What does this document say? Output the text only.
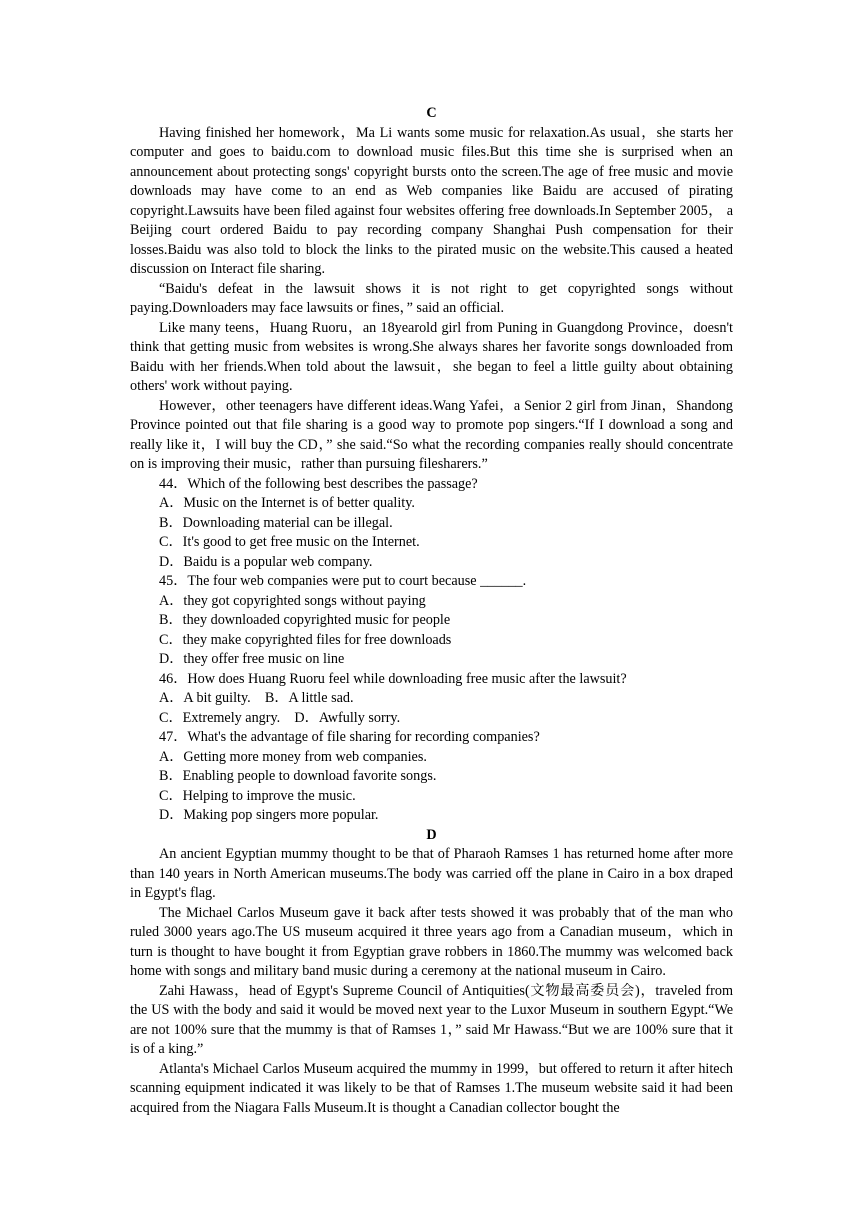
C

Having finished her homework，Ma Li wants some music for relaxation.As usual，she starts her computer and goes to baidu.com to download music files.But this time she is surprised when an announcement about protecting songs' copyright bursts onto the screen.The age of free music and movie downloads may have come to an end as Web companies like Baidu are accused of pirating copyright.Lawsuits have been filed against four websites offering free downloads.In September 2005， a Beijing court ordered Baidu to pay recording company Shanghai Push compensation for their losses.Baidu was also told to block the links to the pirated music on the website.This caused a heated discussion on Interact file sharing.

“Baidu's defeat in the lawsuit shows it is not right to get copyrighted songs without paying.Downloaders may face lawsuits or fines，” said an official.

Like many teens，Huang Ruoru，an 18yearold girl from Puning in Guangdong Province，doesn't think that getting music from websites is wrong.She always shares her favorite songs downloaded from Baidu with her friends.When told about the lawsuit，she began to feel a little guilty about obtaining others' work without paying.

However，other teenagers have different ideas.Wang Yafei，a Senior 2 girl from Jinan，Shandong Province pointed out that file sharing is a good way to promote pop singers.“If I download a song and really like it，I will buy the CD，” she said.“So what the recording companies really should concentrate on is improving their music，rather than pursuing filesharers.”

44．Which of the following best describes the passage?

A．Music on the Internet is of better quality.

B．Downloading material can be illegal.

C．It's good to get free music on the Internet.

D．Baidu is a popular web company.

45．The four web companies were put to court because ______.

A．they got copyrighted songs without paying

B．they downloaded copyrighted music for people

C．they make copyrighted files for free downloads

D．they offer free music on line

46．How does Huang Ruoru feel while downloading free music after the lawsuit?

A．A bit guilty.　B．A little sad.

C．Extremely angry.　D．Awfully sorry.

47．What's the advantage of file sharing for recording companies?

A．Getting more money from web companies.

B．Enabling people to download favorite songs.

C．Helping to improve the music.

D．Making pop singers more popular.

D

An ancient Egyptian mummy thought to be that of Pharaoh Ramses 1 has returned home after more than 140 years in North American museums.The body was carried off the plane in Cairo in a box draped in Egypt's flag.

The Michael Carlos Museum gave it back after tests showed it was probably that of the man who ruled 3000 years ago.The US museum acquired it three years ago from a Canadian museum，which in turn is thought to have bought it from Egyptian grave robbers in 1860.The mummy was welcomed back home with songs and military band music during a ceremony at the national museum in Cairo.

Zahi Hawass，head of Egypt's Supreme Council of Antiquities(文物最高委员会)，traveled from the US with the body and said it would be moved next year to the Luxor Museum in southern Egypt.“We are not 100% sure that the mummy is that of Ramses 1，” said Mr Hawass.“But we are 100% sure that it is of a king.”

Atlanta's Michael Carlos Museum acquired the mummy in 1999，but offered to return it after hitech scanning equipment indicated it was likely to be that of Ramses 1.The museum website said it had been acquired from the Niagara Falls Museum.It is thought a Canadian collector bought the
